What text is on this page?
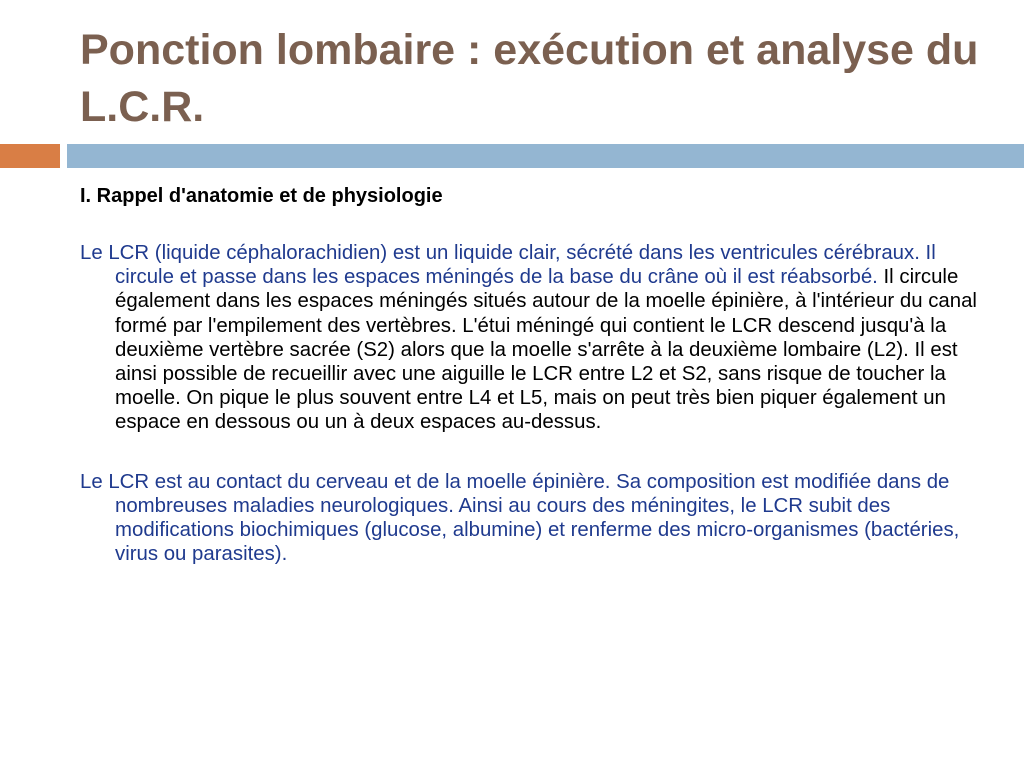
Ponction lombaire : exécution et analyse du L.C.R.

I. Rappel d'anatomie et de physiologie

Le LCR (liquide céphalorachidien) est un liquide clair, sécrété dans les ventricules cérébraux. Il circule et passe dans les espaces méningés de la base du crâne où il est réabsorbé. Il circule également dans les espaces méningés situés autour de la moelle épinière, à l'intérieur du canal formé par l'empilement des vertèbres. L'étui méningé qui contient le LCR descend jusqu'à la deuxième vertèbre sacrée (S2) alors que la moelle s'arrête à la deuxième lombaire (L2). Il est ainsi possible de recueillir avec une aiguille le LCR entre L2 et S2, sans risque de toucher la moelle. On pique le plus souvent entre L4 et L5, mais on peut très bien piquer également un espace en dessous ou un à deux espaces au-dessus.

Le LCR est au contact du cerveau et de la moelle épinière. Sa composition est modifiée dans de nombreuses maladies neurologiques. Ainsi au cours des méningites, le LCR subit des modifications biochimiques (glucose, albumine) et renferme des micro-organismes (bactéries, virus ou parasites).
